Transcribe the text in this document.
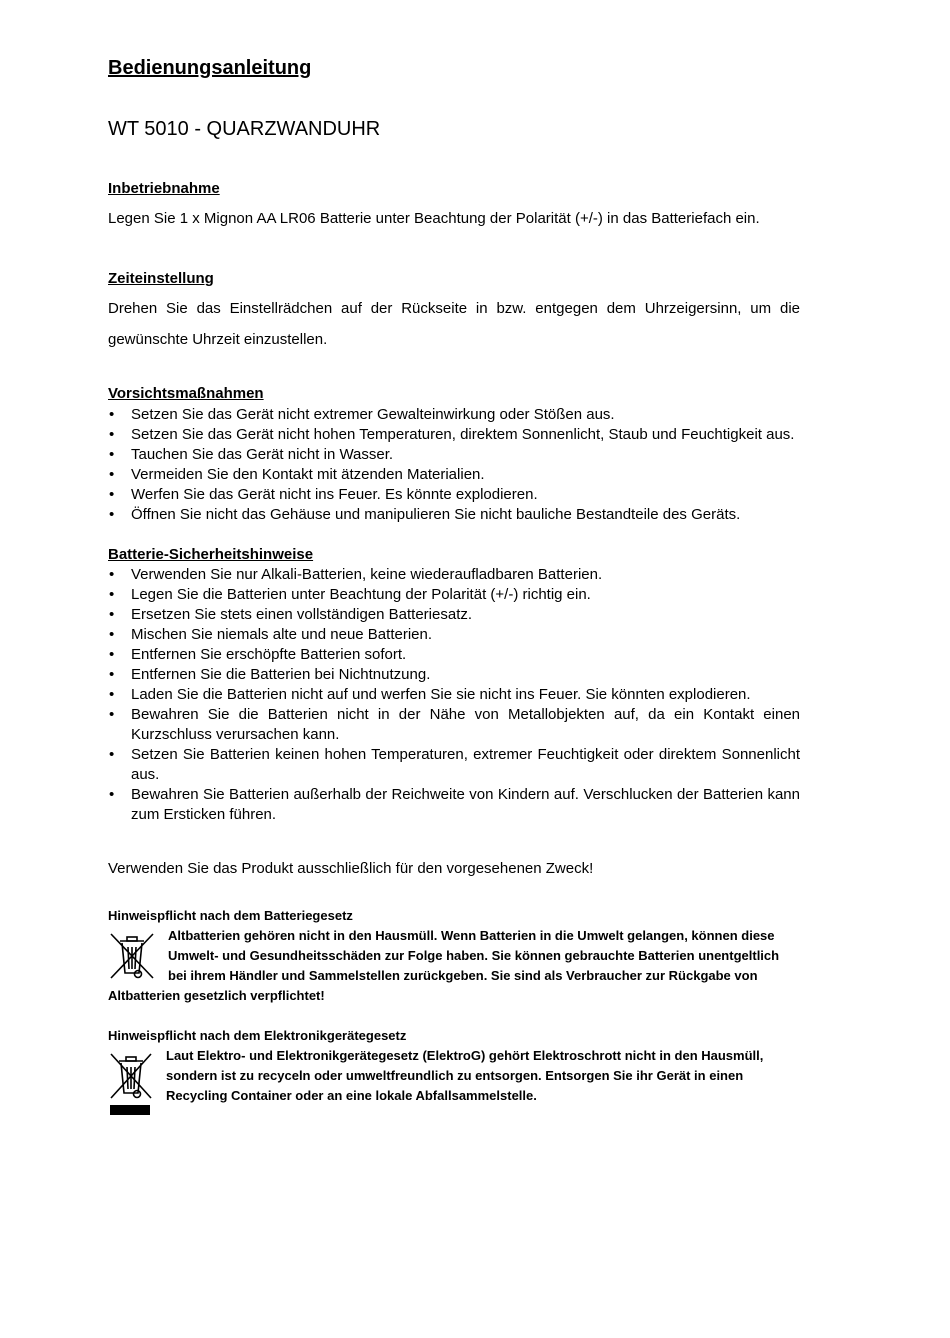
Bedienungsanleitung
WT 5010 - QUARZWANDUHR
Inbetriebnahme

Legen Sie 1 x Mignon AA LR06 Batterie unter Beachtung der Polarität (+/-) in das Batteriefach ein.

Zeiteinstellung

Drehen Sie das Einstellrädchen auf der Rückseite in bzw. entgegen dem Uhrzeigersinn, um die

gewünschte Uhrzeit einzustellen.

Vorsichtsmaßnahmen
• Setzen Sie das Gerät nicht extremer Gewalteinwirkung oder Stößen aus.
• Setzen Sie das Gerät nicht hohen Temperaturen, direktem Sonnenlicht, Staub und Feuchtigkeit aus.
• Tauchen Sie das Gerät nicht in Wasser.
• Vermeiden Sie den Kontakt mit ätzenden Materialien.
• Werfen Sie das Gerät nicht ins Feuer. Es könnte explodieren.
• Öffnen Sie nicht das Gehäuse und manipulieren Sie nicht bauliche Bestandteile des Geräts.
Batterie-Sicherheitshinweise
• Verwenden Sie nur Alkali-Batterien, keine wiederaufladbaren Batterien.
• Legen Sie die Batterien unter Beachtung der Polarität (+/-) richtig ein.
• Ersetzen Sie stets einen vollständigen Batteriesatz.
• Mischen Sie niemals alte und neue Batterien.
• Entfernen Sie erschöpfte Batterien sofort.
• Entfernen Sie die Batterien bei Nichtnutzung.
• Laden Sie die Batterien nicht auf und werfen Sie sie nicht ins Feuer. Sie könnten explodieren.
• Bewahren Sie die Batterien nicht in der Nähe von Metallobjekten auf, da ein Kontakt einen Kurzschluss verursachen kann.
• Setzen Sie Batterien keinen hohen Temperaturen, extremer Feuchtigkeit oder direktem Sonnenlicht aus.
• Bewahren Sie Batterien außerhalb der Reichweite von Kindern auf. Verschlucken der Batterien kann zum Ersticken führen.

Verwenden Sie das Produkt ausschließlich für den vorgesehenen Zweck!

Hinweispflicht nach dem Batteriegesetz
Altbatterien gehören nicht in den Hausmüll. Wenn Batterien in die Umwelt gelangen, können diese Umwelt- und Gesundheitsschäden zur Folge haben. Sie können gebrauchte Batterien unentgeltlich bei ihrem Händler und Sammelstellen zurückgeben. Sie sind als Verbraucher zur Rückgabe von Altbatterien gesetzlich verpflichtet!
Hinweispflicht nach dem Elektronikgerätegesetz
Laut Elektro- und Elektronikgerätegesetz (ElektroG) gehört Elektroschrott nicht in den Hausmüll, sondern ist zu recyceln oder umweltfreundlich zu entsorgen. Entsorgen Sie ihr Gerät in einen Recycling Container oder an eine lokale Abfallsammelstelle.
